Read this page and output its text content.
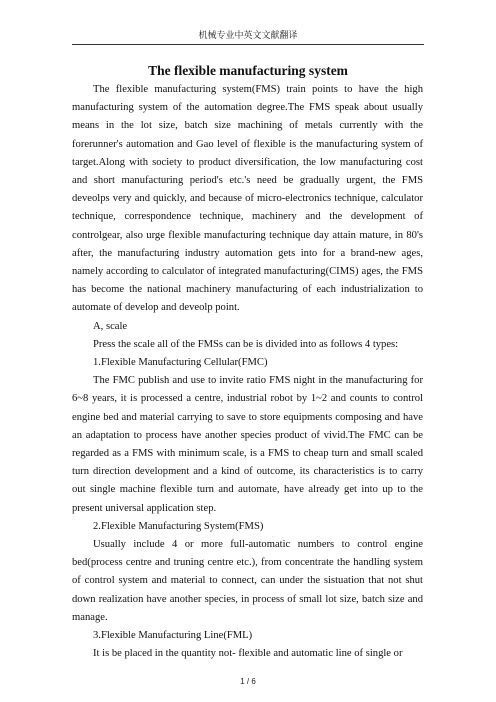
机械专业中英文文献翻译
The flexible manufacturing system

The flexible manufacturing system(FMS) train points to have the high manufacturing system of the automation degree.The FMS speak about usually means in the lot size, batch size machining of metals currently with the forerunner's automation and Gao level of flexible is the manufacturing system of target.Along with society to product diversification, the low manufacturing cost and short manufacturing period's etc.'s need be gradually urgent, the FMS deveolps very and quickly, and because of micro-electronics technique, calculator technique, correspondence technique, machinery and the development of controlgear, also urge flexible manufacturing technique day attain mature, in 80's after, the manufacturing industry automation gets into for a brand-new ages, namely according to calculator of integrated manufacturing(CIMS) ages, the FMS has become the national machinery manufacturing of each industrialization to automate of develop and deveolp point.

A, scale

Press the scale all of the FMSs can be is divided into as follows 4 types:

1.Flexible Manufacturing Cellular(FMC)

The FMC publish and use to invite ratio FMS night in the manufacturing for 6~8 years, it is processed a centre, industrial robot by 1~2 and counts to control engine bed and material carrying to save to store equipments composing and have an adaptation to process have another species product of vivid.The FMC can be regarded as a FMS with minimum scale, is a FMS to cheap turn and small scaled turn direction development and a kind of outcome, its characteristics is to carry out single machine flexible turn and automate, have already get into up to the present universal application step.

2.Flexible Manufacturing System(FMS)

Usually include 4 or more full-automatic numbers to control engine bed(process centre and truning centre etc.), from concentrate the handling system of control system and material to connect, can under the sistuation that not shut down realization have another species, in process of small lot size, batch size and manage.

3.Flexible Manufacturing Line(FML)

It is be placed in the quantity not- flexible and automatic line of single or

1 / 6
